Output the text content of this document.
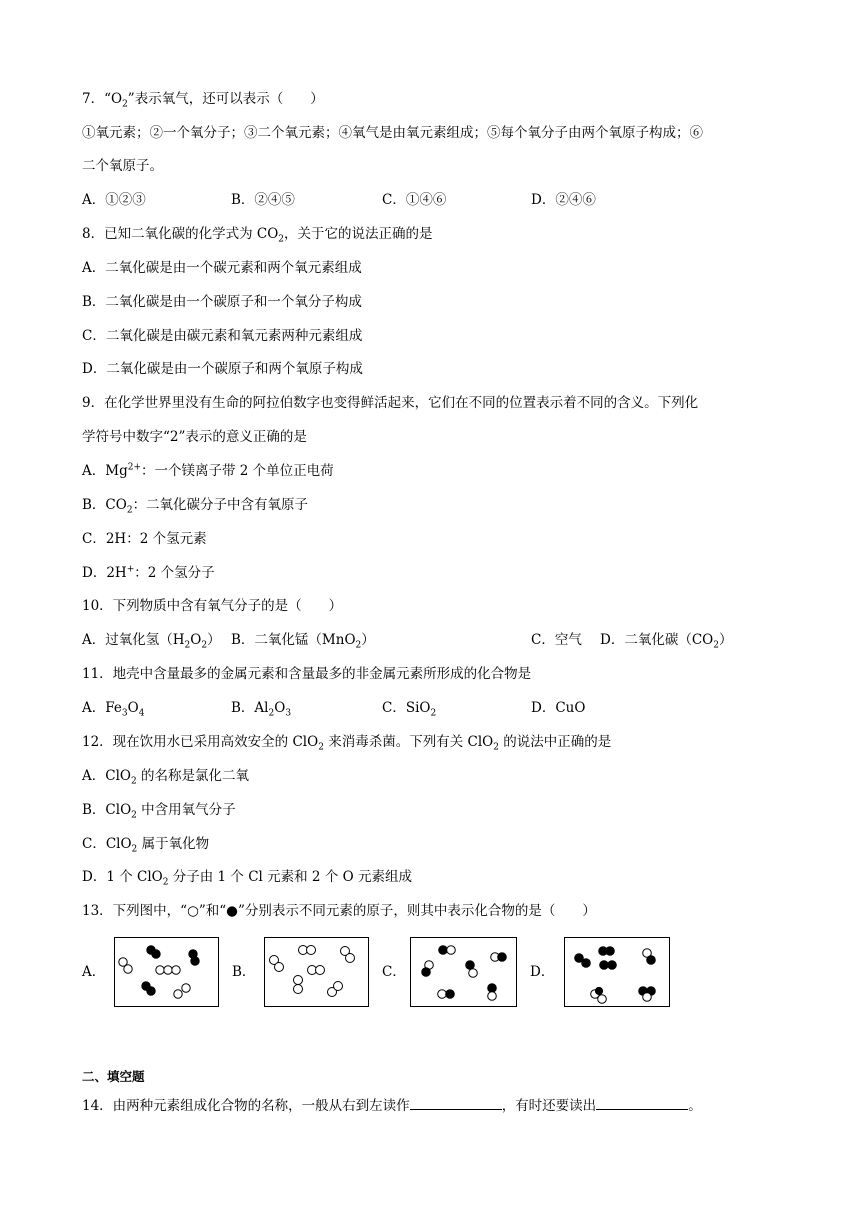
7．“$O_2$”表示氧气，还可以表示（　　）
①氧元素；②一个氧分子；③二个氧元素；④氧气是由氧元素组成；⑤每个氧分子由两个氧原子构成；⑥
二个氧原子。
A．①②③	B．②④⑤	C．①④⑥	D．②④⑥
8．已知二氧化碳的化学式为 $CO_2$，关于它的说法正确的是
A．二氧化碳是由一个碳元素和两个氧元素组成
B．二氧化碳是由一个碳原子和一个氧分子构成
C．二氧化碳是由碳元素和氧元素两种元素组成
D．二氧化碳是由一个碳原子和两个氧原子构成
9．在化学世界里没有生命的阿拉伯数字也变得鲜活起来，它们在不同的位置表示着不同的含义。下列化
学符号中数字“2”表示的意义正确的是
A．$Mg^{2+}$：一个镁离子带 2 个单位正电荷
B．$CO_2$：二氧化碳分子中含有氧原子
C．2H：2 个氢元素
D．2H+：2 个氢分子
10．下列物质中含有氧气分子的是（　　）
A．过氧化氢$(H_2O_2)$ B．二氧化锰（MnO$_2$）	C．空气 D．二氧化碳$(CO_2)$
11．地壳中含量最多的金属元素和含量最多的非金属元素所形成的化合物是
A．$Fe_3O_4$	B．$Al_2O_3$	C．SiO$_2$	D．CuO
12．现在饮用水已采用高效安全的 ClO$_2$ 来消毒杀菌。下列有关 ClO$_2$ 的说法中正确的是
A．ClO$_2$ 的名称是氯化二氧
B．ClO$_2$ 中含用氧气分子
C．ClO$_2$ 属于氧化物
D．1 个 ClO$_2$ 分子由 1 个 Cl 元素和 2 个 O 元素组成
13．下列图中，“○”和“●”分别表示不同元素的原子，则其中表示化合物的是（　　）
A．	B．	C．	D．
二、填空题
14．由两种元素组成化合物的名称，一般从右到左读作	，有时还要读出	。
